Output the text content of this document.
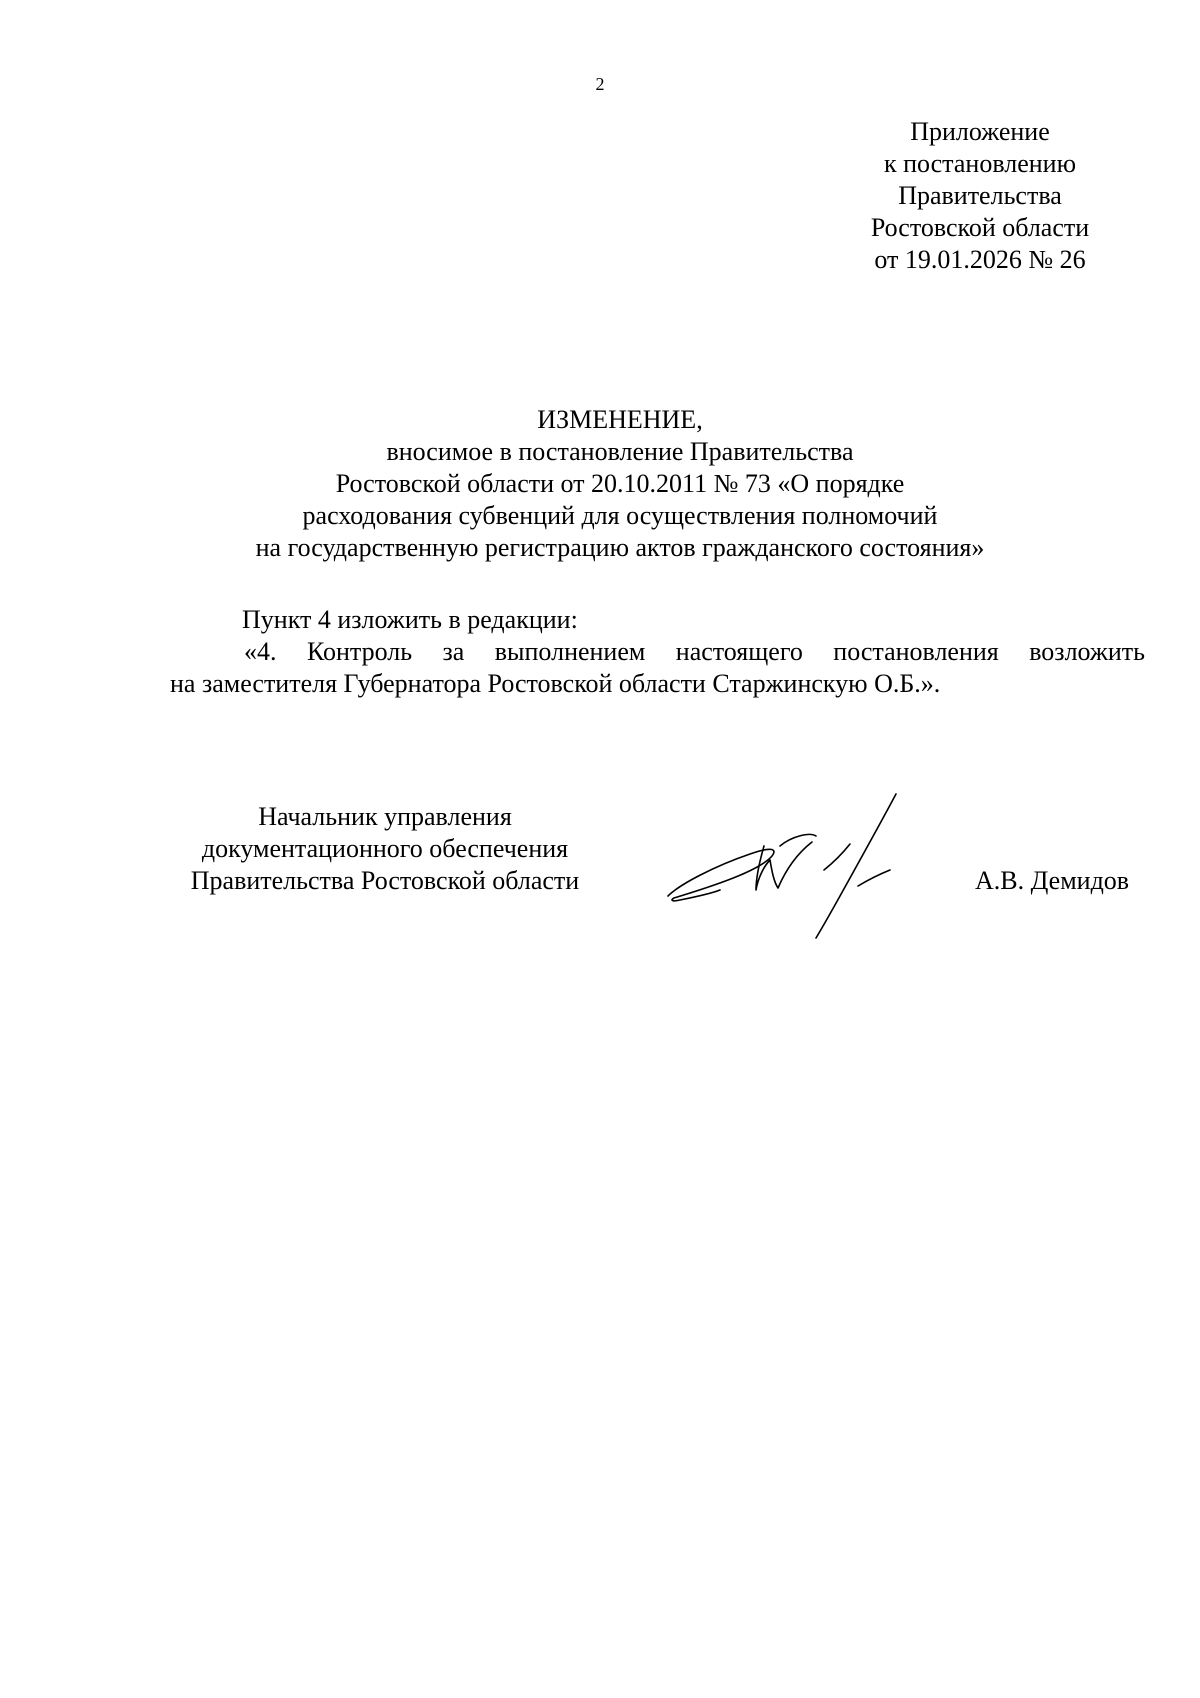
2
Приложение
к постановлению
Правительства
Ростовской области
от 19.01.2026 № 26
ИЗМЕНЕНИЕ,
вносимое в постановление Правительства
Ростовской области от 20.10.2011 № 73 «О порядке
расходования субвенций для осуществления полномочий
на государственную регистрацию актов гражданского состояния»
Пункт 4 изложить в редакции:
«4. Контроль за выполнением настоящего постановления возложить
на заместителя Губернатора Ростовской области Старжинскую О.Б.».
Начальник управления
документационного обеспечения
Правительства Ростовской области	А.В. Демидов
